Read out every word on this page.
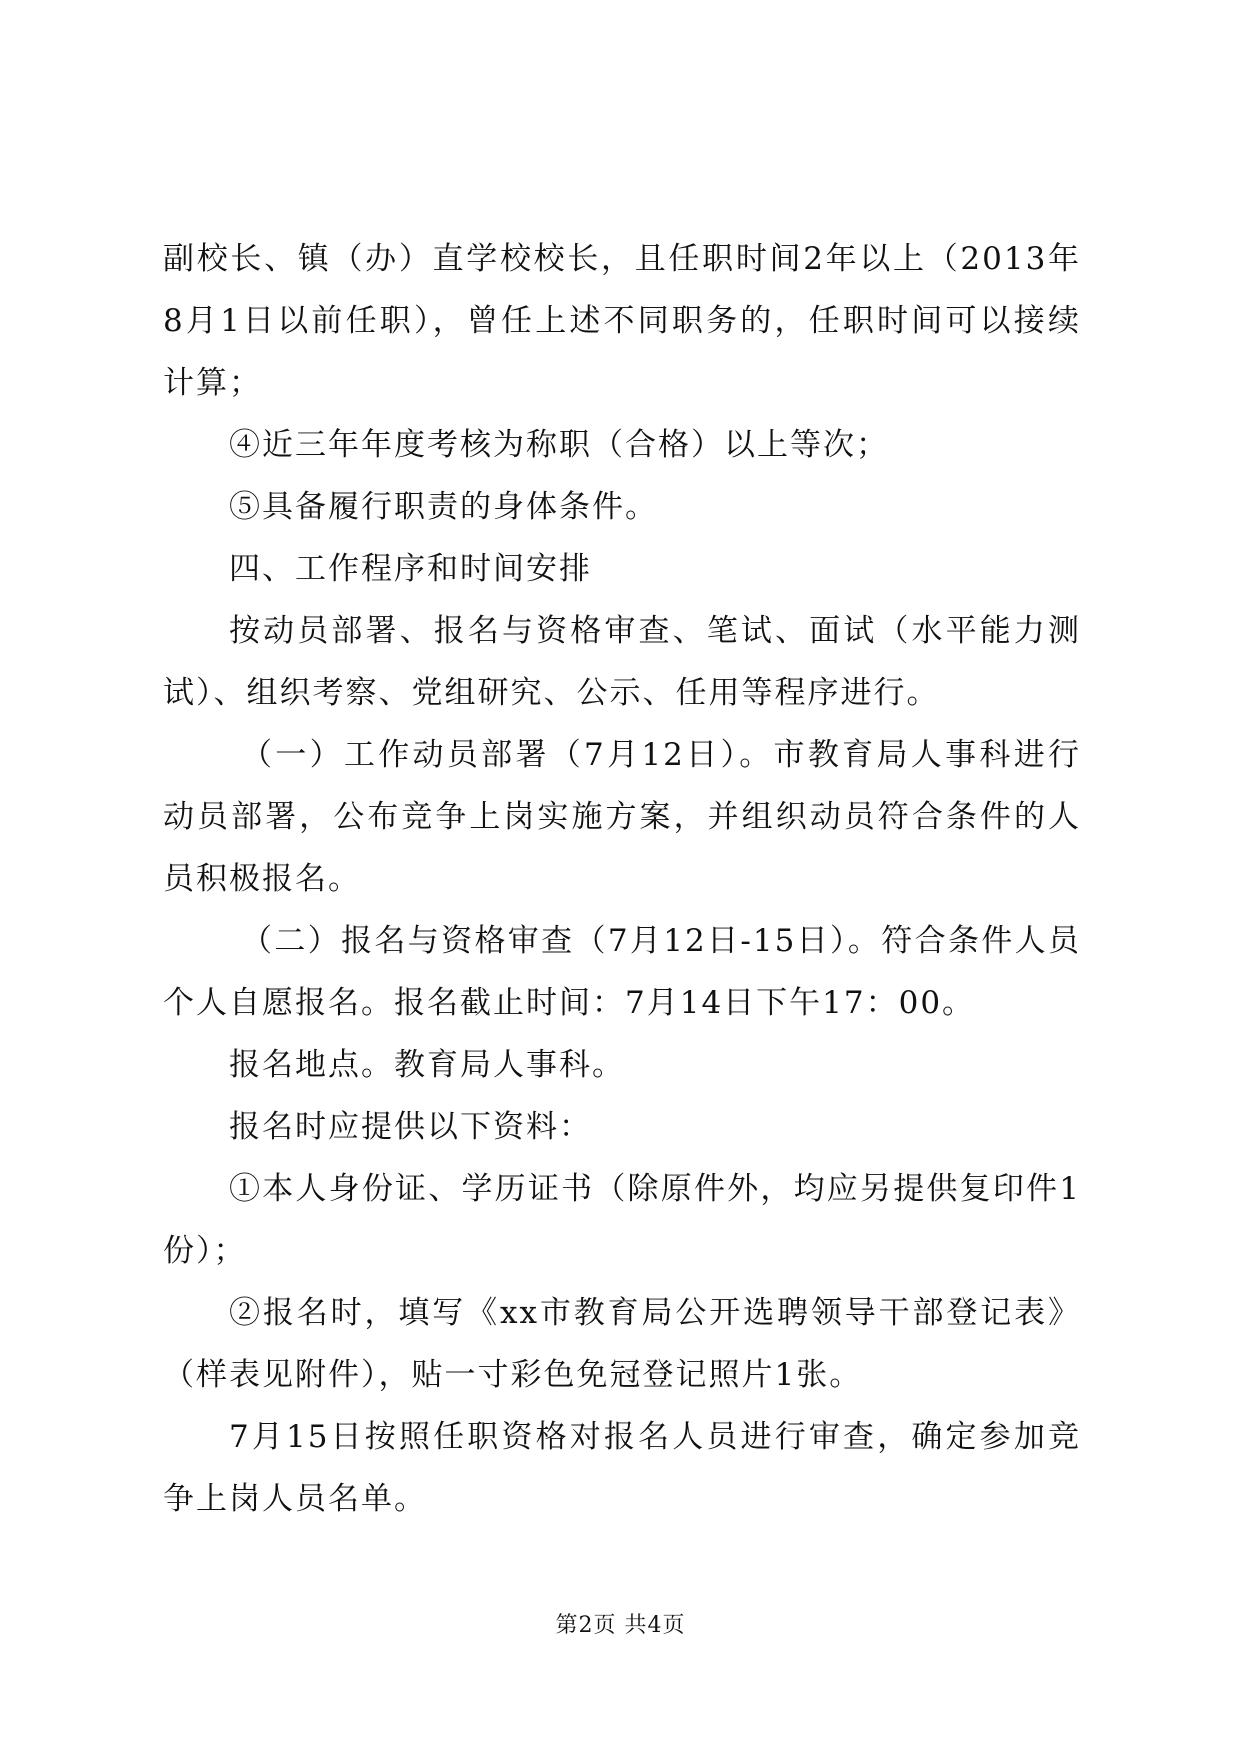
副校长、镇（办）直学校校长，且任职时间2年以上（2013年8月1日以前任职），曾任上述不同职务的，任职时间可以接续计算；

④近三年年度考核为称职（合格）以上等次；

⑤具备履行职责的身体条件。

四、工作程序和时间安排

按动员部署、报名与资格审查、笔试、面试（水平能力测试）、组织考察、党组研究、公示、任用等程序进行。

（一）工作动员部署（7月12日）。市教育局人事科进行动员部署，公布竞争上岗实施方案，并组织动员符合条件的人员积极报名。

（二）报名与资格审查（7月12日-15日）。符合条件人员个人自愿报名。报名截止时间：7月14日下午17：00。

报名地点。教育局人事科。

报名时应提供以下资料：

①本人身份证、学历证书（除原件外，均应另提供复印件1份）；

②报名时，填写《xx市教育局公开选聘领导干部登记表》（样表见附件），贴一寸彩色免冠登记照片1张。

7月15日按照任职资格对报名人员进行审查，确定参加竞争上岗人员名单。

第2页 共4页
